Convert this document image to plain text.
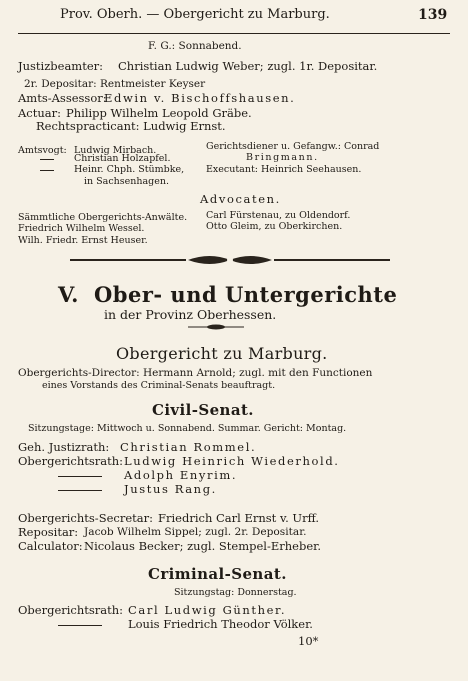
Prov. Oberh. — Obergericht zu Marburg.	139
F. G.: Sonnabend.
Justizbeamter: Christian Ludwig Weber; zugl. 1r. Depositar.
2r. Depositar: Rentmeister Keyser
Amts-Assessor:
Edwin v. Bischoffshausen.
Actuar: Philipp Wilhelm Leopold Gräbe.
Rechtspracticant: Ludwig Ernst.
Amtsvogt: Ludwig Mirbach.
Christian Holzapfel.
Heinr. Chph. Stümbke,
in Sachsenhagen.
Gerichtsdiener u. Gefangw.: Conrad
Bringmann.
Executant: Heinrich Seehausen.
Advocaten.
Sämmtliche Obergerichts-Anwälte.
Friedrich Wilhelm Wessel.
Wilh. Friedr. Ernst Heuser.
Carl Fürstenau, zu Oldendorf.
Otto Gleim, zu Oberkirchen.
V. Ober- und Untergerichte
in der Provinz Oberhessen.
Obergericht zu Marburg.
Obergerichts-Director: Hermann Arnold; zugl. mit den Functionen
eines Vorstands des Criminal-Senats beauftragt.
Civil-Senat.
Sitzungstage: Mittwoch u. Sonnabend. Summar. Gericht: Montag.
Geh. Justizrath: Christian Rommel.
Obergerichtsrath: Ludwig Heinrich Wiederhold.
Adolph Enyrim.
Justus Rang.
Obergerichts-Secretar: Friedrich Carl Ernst v. Urff.
Repositar: Jacob Wilhelm Sippel; zugl. 2r. Depositar.
Calculator: Nicolaus Becker; zugl. Stempel-Erheber.
Criminal-Senat.
Sitzungstag: Donnerstag.
Obergerichtsrath: Carl Ludwig Günther.
Louis Friedrich Theodor Völker.
10*
